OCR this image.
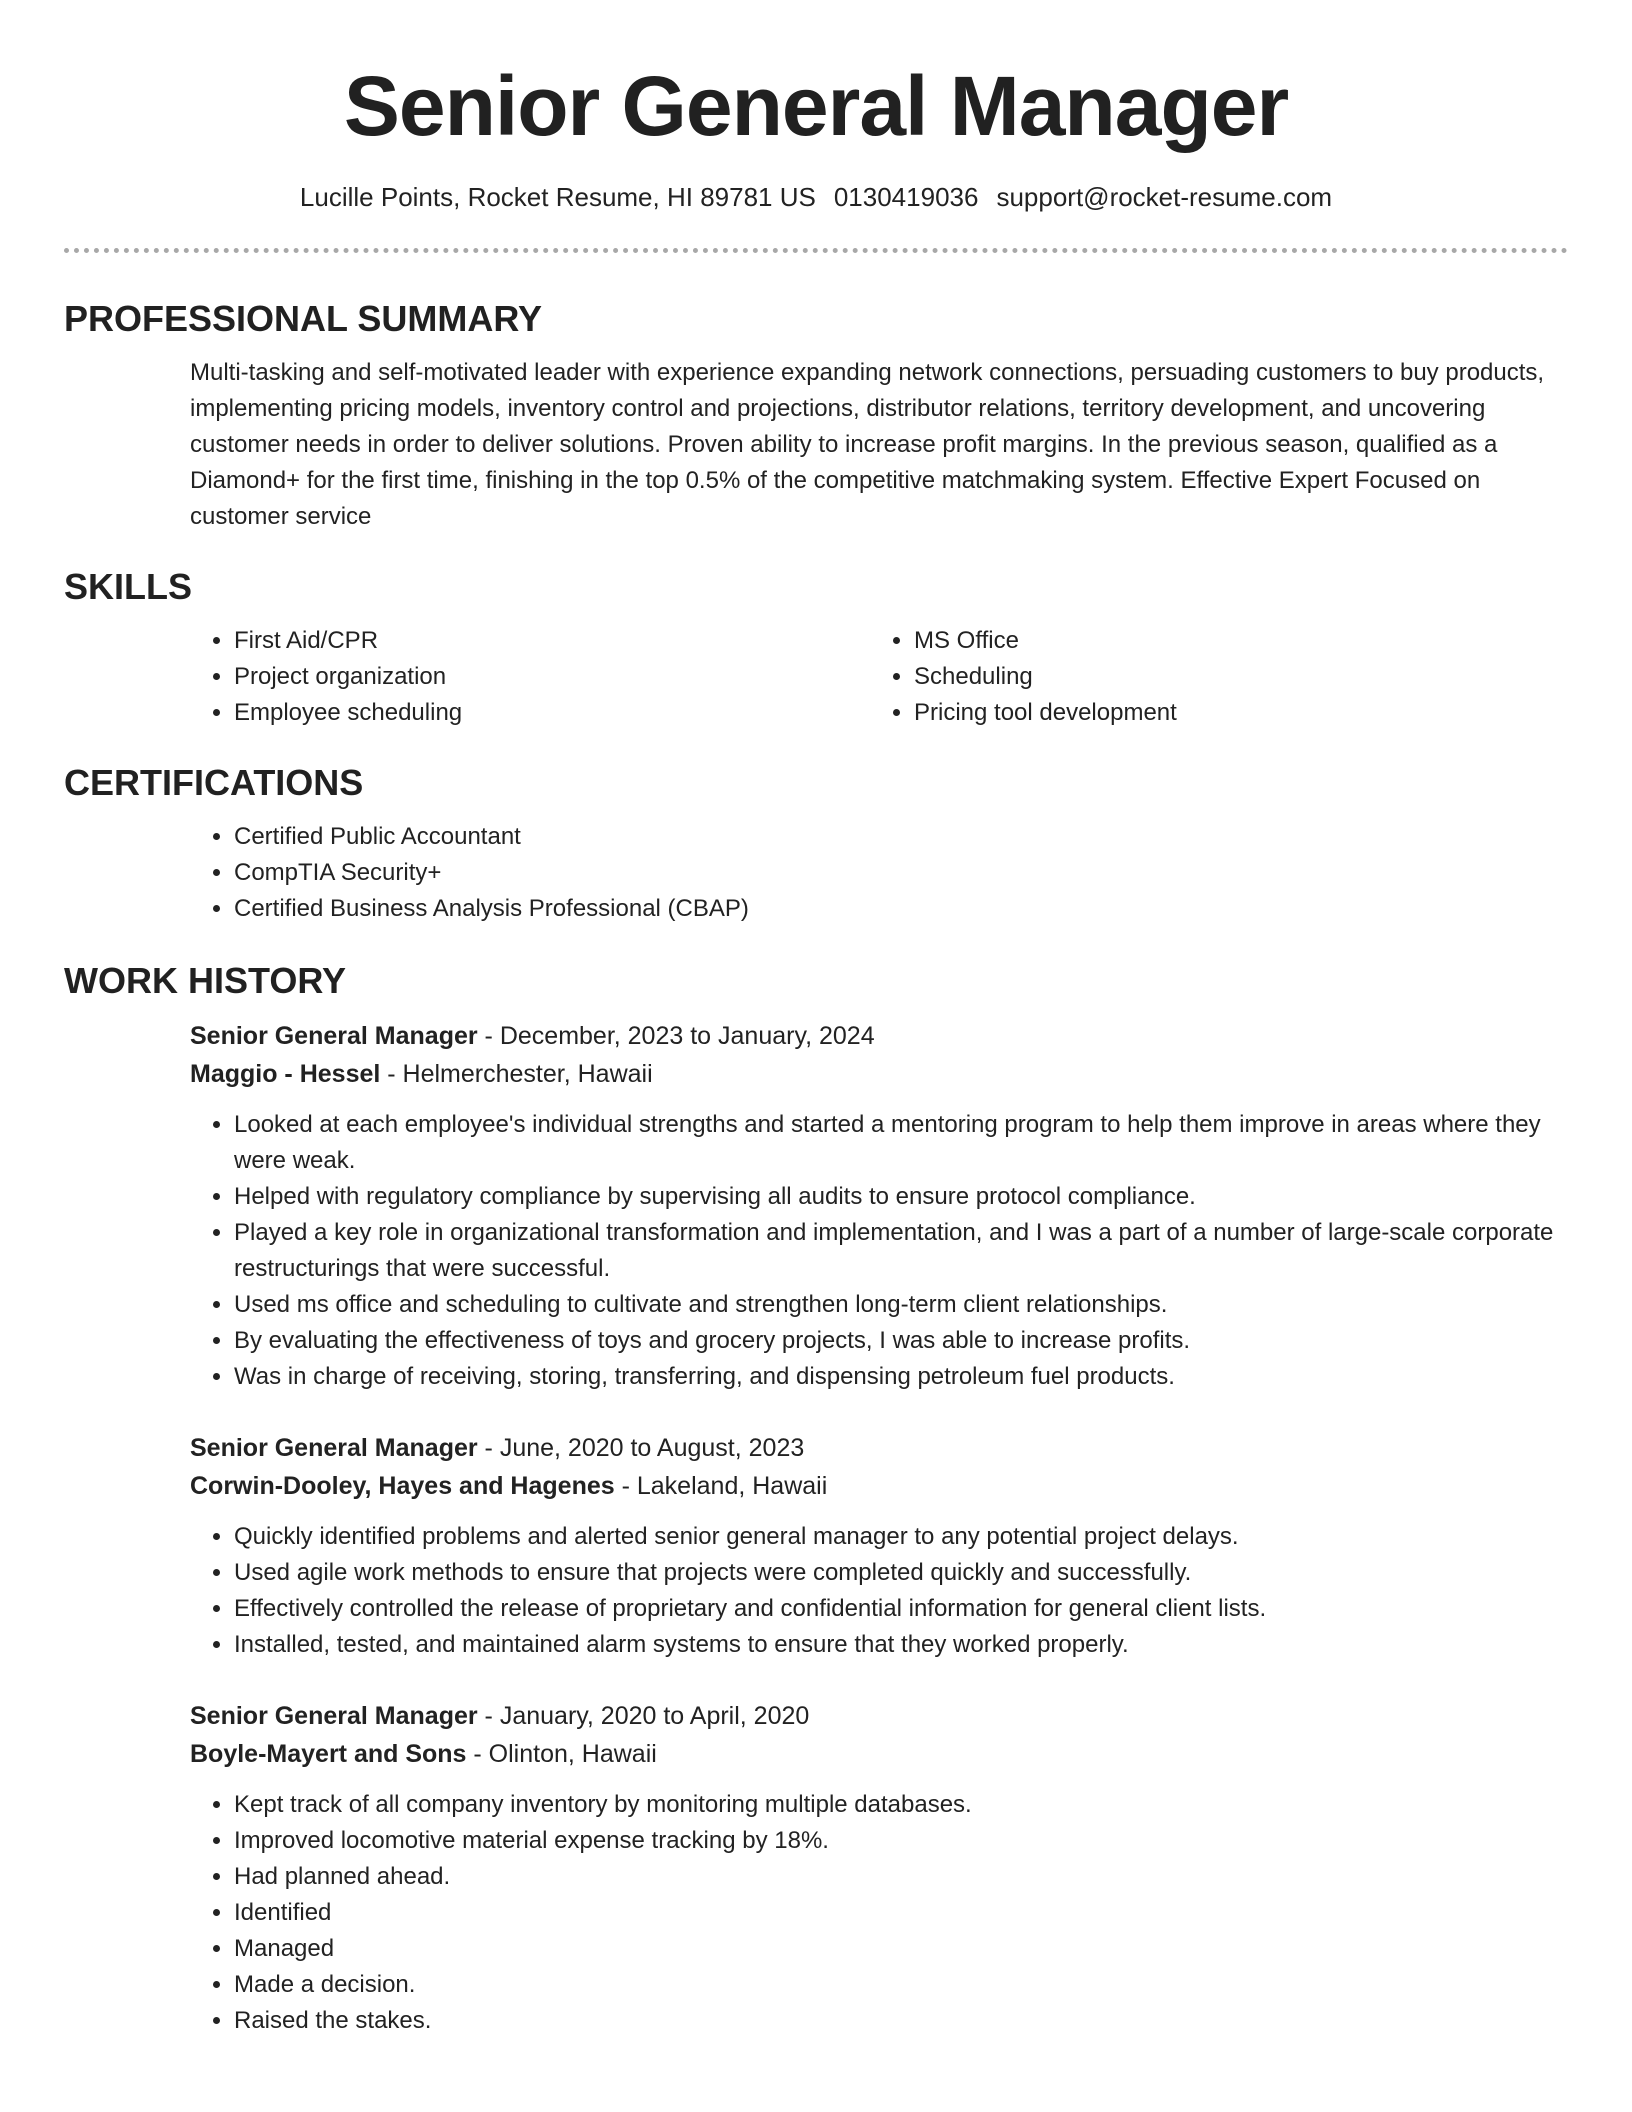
Senior General Manager
Lucille Points, Rocket Resume, HI 89781 US 0130419036 support@rocket-resume.com
PROFESSIONAL SUMMARY
Multi-tasking and self-motivated leader with experience expanding network connections, persuading customers to buy products, implementing pricing models, inventory control and projections, distributor relations, territory development, and uncovering customer needs in order to deliver solutions. Proven ability to increase profit margins. In the previous season, qualified as a Diamond+ for the first time, finishing in the top 0.5% of the competitive matchmaking system. Effective Expert Focused on customer service
SKILLS
• First Aid/CPR
• Project organization
• Employee scheduling
• MS Office
• Scheduling
• Pricing tool development
CERTIFICATIONS
• Certified Public Accountant
• CompTIA Security+
• Certified Business Analysis Professional (CBAP)
WORK HISTORY
Senior General Manager - December, 2023 to January, 2024
Maggio - Hessel - Helmerchester, Hawaii
• Looked at each employee's individual strengths and started a mentoring program to help them improve in areas where they were weak.
• Helped with regulatory compliance by supervising all audits to ensure protocol compliance.
• Played a key role in organizational transformation and implementation, and I was a part of a number of large-scale corporate restructurings that were successful.
• Used ms office and scheduling to cultivate and strengthen long-term client relationships.
• By evaluating the effectiveness of toys and grocery projects, I was able to increase profits.
• Was in charge of receiving, storing, transferring, and dispensing petroleum fuel products.
Senior General Manager - June, 2020 to August, 2023
Corwin-Dooley, Hayes and Hagenes - Lakeland, Hawaii
• Quickly identified problems and alerted senior general manager to any potential project delays.
• Used agile work methods to ensure that projects were completed quickly and successfully.
• Effectively controlled the release of proprietary and confidential information for general client lists.
• Installed, tested, and maintained alarm systems to ensure that they worked properly.
Senior General Manager - January, 2020 to April, 2020
Boyle-Mayert and Sons - Olinton, Hawaii
• Kept track of all company inventory by monitoring multiple databases.
• Improved locomotive material expense tracking by 18%.
• Had planned ahead.
• Identified
• Managed
• Made a decision.
• Raised the stakes.
